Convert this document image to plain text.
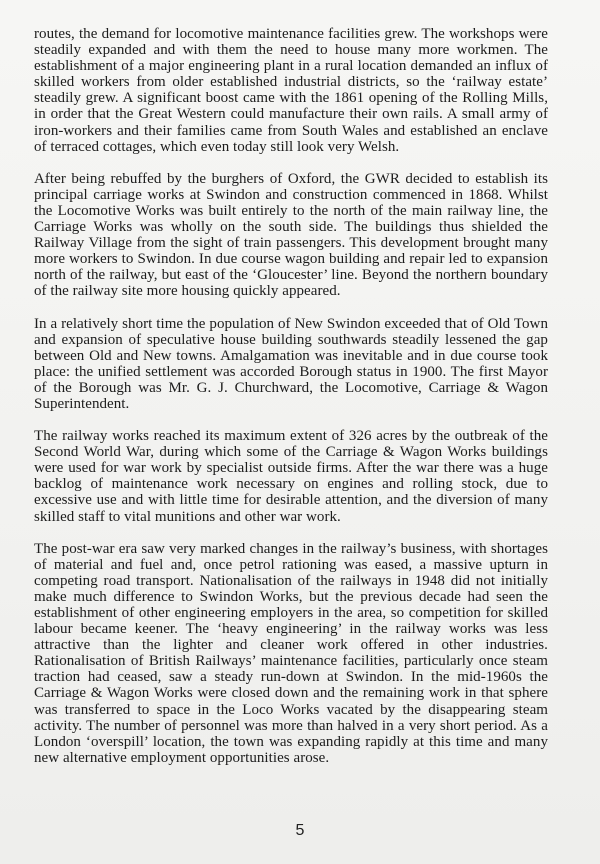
routes, the demand for locomotive maintenance facilities grew. The workshops were steadily expanded and with them the need to house many more workmen. The establishment of a major engineering plant in a rural location demanded an influx of skilled workers from older established industrial districts, so the ‘railway estate’ steadily grew. A significant boost came with the 1861 opening of the Rolling Mills, in order that the Great Western could manufacture their own rails. A small army of iron-workers and their families came from South Wales and established an enclave of terraced cottages, which even today still look very Welsh.

After being rebuffed by the burghers of Oxford, the GWR decided to establish its principal carriage works at Swindon and construction commenced in 1868. Whilst the Locomotive Works was built entirely to the north of the main railway line, the Carriage Works was wholly on the south side. The buildings thus shielded the Railway Village from the sight of train passengers. This development brought many more workers to Swindon. In due course wagon building and repair led to expansion north of the railway, but east of the ‘Gloucester’ line. Beyond the northern boundary of the railway site more housing quickly appeared.

In a relatively short time the population of New Swindon exceeded that of Old Town and expansion of speculative house building southwards steadily lessened the gap between Old and New towns. Amalgamation was inevitable and in due course took place: the unified settlement was accorded Borough status in 1900. The first Mayor of the Borough was Mr. G. J. Churchward, the Locomotive, Carriage & Wagon Superintendent.

The railway works reached its maximum extent of 326 acres by the outbreak of the Second World War, during which some of the Carriage & Wagon Works buildings were used for war work by specialist outside firms. After the war there was a huge backlog of maintenance work necessary on engines and rolling stock, due to excessive use and with little time for desirable attention, and the diversion of many skilled staff to vital munitions and other war work.

The post-war era saw very marked changes in the railway’s business, with shortages of material and fuel and, once petrol rationing was eased, a massive upturn in competing road transport. Nationalisation of the railways in 1948 did not initially make much difference to Swindon Works, but the previous decade had seen the establishment of other engineering employers in the area, so competition for skilled labour became keener. The ‘heavy engineering’ in the railway works was less attractive than the lighter and cleaner work offered in other industries. Rationalisation of British Railways’ maintenance facilities, particularly once steam traction had ceased, saw a steady run-down at Swindon. In the mid-1960s the Carriage & Wagon Works were closed down and the remaining work in that sphere was transferred to space in the Loco Works vacated by the disappearing steam activity. The number of personnel was more than halved in a very short period. As a London ‘overspill’ location, the town was expanding rapidly at this time and many new alternative employment opportunities arose.

5
